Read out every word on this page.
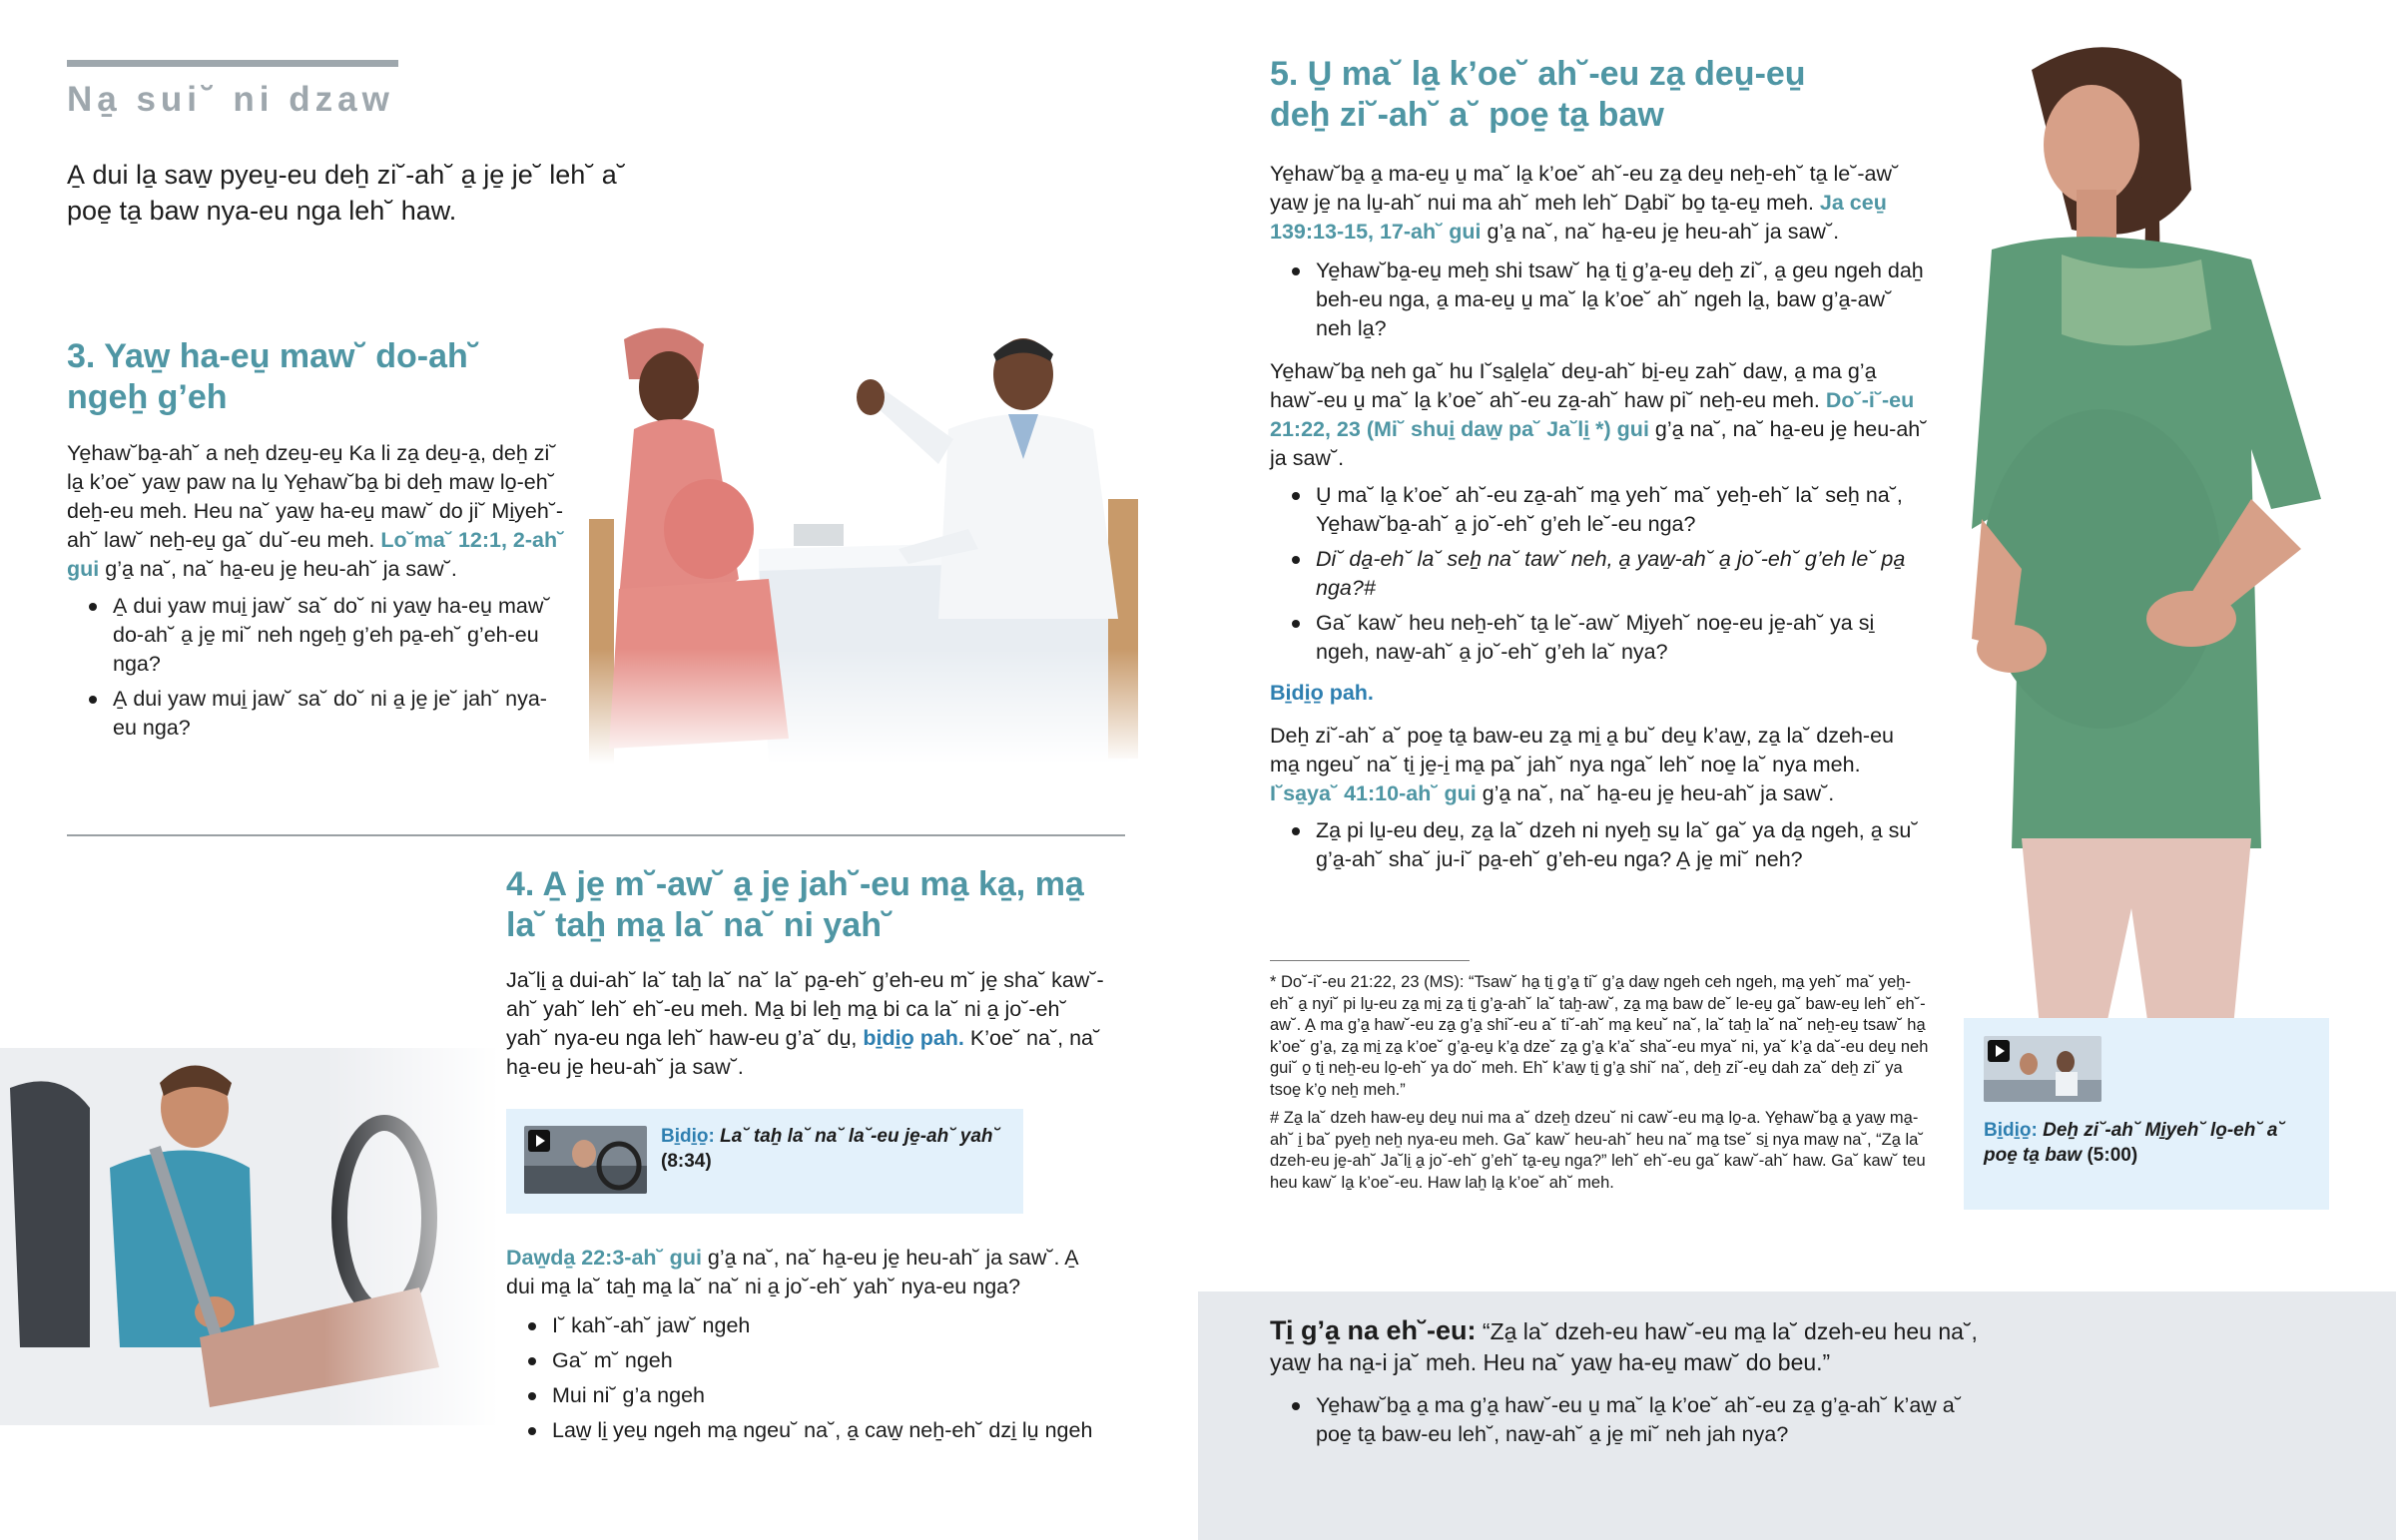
Na̱ sui˘ ni dzaw

A̱ dui la̱ saw̱ pyeu̱-eu deẖ zi˘-ah˘ a̱ je̱ je˘ leh˘ a˘ poe̱ ta̱ baw nya-eu nga leh˘ haw.

3. Yaw̱ ha-eu̱ maw˘ do-ah˘ ngeẖ g’eh

Ye̱haw˘ba̱-ah˘ a neẖ dzeu̱-eu̱ Ka li za̱ deu̱-a̱, deẖ zi˘ la̱ k’oe˘ yaw̱ paw na lu̱ Ye̱haw˘ba̱ bi deẖ maw̱ lo̱-eh˘ deẖ-eu meh. Heu na˘ yaw̱ ha-eu̱ maw˘ do ji˘ Mi̱yeh˘-ah˘ law˘ neẖ-eu̱ ga˘ du˘-eu meh. Lo˘ma˘ 12:1, 2-ah˘ gui g’a̱ na˘, na˘ ha̱-eu je̱ heu-ah˘ ja saw˘.

A̱ dui yaw mui̱ jaw˘ sa˘ do˘ ni yaw̱ ha-eu̱ maw˘ do-ah˘ a̱ je̱ mi˘ neh ngeẖ g’eh pa̱-eh˘ g’eh-eu nga?
A̱ dui yaw mui̱ jaw˘ sa˘ do˘ ni a̱ je̱ je˘ jah˘ nya-eu nga?
4. A̱ je̱ m˘-aw˘ a̱ je̱ jah˘-eu ma̱ ka̱, ma̱ la˘ taẖ ma̱ la˘ na˘ ni yah˘

Ja˘li̱ a̱ dui-ah˘ la˘ taẖ la˘ na˘ la˘ pa̱-eh˘ g’eh-eu m˘ je̱ sha˘ kaw˘-ah˘ yah˘ leh˘ eh˘-eu meh. Ma̱ bi leẖ ma̱ bi ca la˘ ni a̱ jo˘-eh˘ yah˘ nya-eu nga leh˘ haw-eu g’a˘ du̱, bi̱di̱o̱ pah. K’oe˘ na˘, na˘ ha̱-eu je̱ heu-ah˘ ja saw˘.

Bi̱di̱o̱: La˘ taẖ la˘ na˘ la˘-eu je̱-ah˘ yah˘
(8:34)

Daw̱da̱ 22:3-ah˘ gui g’a̱ na˘, na˘ ha̱-eu je̱ heu-ah˘ ja saw˘. A̱ dui ma̱ la˘ taẖ ma̱ la˘ na˘ ni a̱ jo˘-eh˘ yah˘ nya-eu nga?

I˘ kah˘-ah˘ jaw˘ ngeh
Ga˘ m˘ ngeh
Mui ni˘ g’a ngeh
Law̱ li̱ yeu̱ ngeh ma̱ ngeu˘ na˘, a̱ caw̱ neẖ-eh˘ dzi̱ lu̱ ngeh
5. U̱ ma˘ la̱ k’oe˘ ah˘-eu za̱ deu̱-eu̱ deẖ zi˘-ah˘ a˘ poe̱ ta̱ baw

Ye̱haw˘ba̱ a̱ ma-eu̱ u̱ ma˘ la̱ k’oe˘ ah˘-eu za̱ deu̱ neẖ-eh˘ ta̱ le˘-aw˘ yaw̱ je̱ na lu̱-ah˘ nui ma ah˘ meh leh˘ Da̱bi˘ bo̱ ta̱-eu̱ meh. Ja ceu̱ 139:13-15, 17-ah˘ gui g’a̱ na˘, na˘ ha̱-eu je̱ heu-ah˘ ja saw˘.

Ye̱haw˘ba̱-eu̱ meẖ shi tsaw˘ ha̱ ti̱ g’a̱-eu̱ deẖ zi˘, a̱ geu ngeh daẖ beh-eu nga, a̱ ma-eu̱ u̱ ma˘ la̱ k’oe˘ ah˘ ngeh la̱, baw g’a̱-aw˘ neh la̱?

Ye̱haw˘ba̱ neh ga˘ hu I˘sa̱le̱la˘ deu̱-ah˘ bi̱-eu̱ zah˘ daw̱, a̱ ma g’a̱ haw˘-eu u̱ ma˘ la̱ k’oe˘ ah˘-eu za̱-ah˘ haw pi˘ neẖ-eu meh. Do˘-i˘-eu 21:22, 23 (Mi˘ shui̱ daw̱ pa˘ Ja˘li̱ *) gui g’a̱ na˘, na˘ ha̱-eu je̱ heu-ah˘ ja saw˘.

U̱ ma˘ la̱ k’oe˘ ah˘-eu za̱-ah˘ ma̱ yeh˘ ma˘ yeẖ-eh˘ la˘ seẖ na˘, Ye̱haw˘ba̱-ah˘ a̱ jo˘-eh˘ g’eh le˘-eu nga?
Di˘ da̱-eh˘ la˘ seẖ na˘ taw˘ neh, a̱ yaw̱-ah˘ a̱ jo˘-eh˘ g’eh le˘ pa̱ nga?#
Ga˘ kaw˘ heu neẖ-eh˘ ta̱ le˘-aw˘ Mi̱yeh˘ noe̱-eu je̱-ah˘ ya si̱ ngeh, naw̱-ah˘ a̱ jo˘-eh˘ g’eh la˘ nya?

Bi̱di̱o̱ pah.

Deẖ zi˘-ah˘ a˘ poe̱ ta̱ baw-eu za̱ mi̱ a̱ bu˘ deu̱ k’aw̱, za̱ la˘ dzeh-eu ma̱ ngeu˘ na˘ ti̱ je̱-i̱ ma̱ pa˘ jah˘ nya nga˘ leh˘ noe̱ la˘ nya meh. I˘sa̱ya˘ 41:10-ah˘ gui g’a̱ na˘, na˘ ha̱-eu je̱ heu-ah˘ ja saw˘.

Za̱ pi lu̱-eu deu̱, za̱ la˘ dzeh ni nyeẖ su̱ la˘ ga˘ ya da̱ ngeh, a̱ su˘ g’a̱-ah˘ sha˘ ju-i˘ pa̱-eh˘ g’eh-eu nga? A̱ je̱ mi˘ neh?

* Do˘-i˘-eu 21:22, 23 (MS): “Tsaw˘ ha̱ ti̱ g’a̱ ti˘ g’a̱ daw̱ ngeh ceh ngeh, ma̱ yeh˘ ma˘ yeẖ-eh˘ a̱ nyi˘ pi lu̱-eu za̱ mi̱ za̱ ti̱ g’a̱-ah˘ la˘ taẖ-aw˘, za̱ ma̱ baw de˘ le-eu̱ ga˘ baw-eu̱ leh˘ eh˘-aw˘. A̱ ma g’a̱ haw˘-eu za̱ g’a̱ shi˘-eu a˘ ti˘-ah˘ ma̱ keu˘ na˘, la˘ taẖ la˘ na˘ neẖ-eu̱ tsaw˘ ha̱ k’oe˘ g’a̱, za̱ mi̱ za̱ k’oe˘ g’a̱-eu̱ k’a̱ dze˘ za̱ g’a̱ k’a˘ sha˘-eu mya˘ ni, ya˘ k’a̱ da˘-eu deu̱ neh gui˘ o̱ ti̱ neẖ-eu lo̱-eh˘ ya do˘ meh. Eh˘ k’aw̱ ti̱ g’a̱ shi˘ na˘, deẖ zi˘-eu̱ dah za˘ deẖ zi˘ ya tsoe̱ k’o̱ neẖ meh.”

# Za̱ la˘ dzeh haw-eu̱ deu̱ nui ma a˘ dzeẖ dzeu˘ ni caw˘-eu ma̱ lo̱-a. Ye̱haw˘ba̱ a̱ yaw̱ ma̱-ah˘ i̱ ba˘ pyeẖ neẖ nya-eu meh. Ga˘ kaw˘ heu-ah˘ heu na˘ ma̱ tse˘ si̱ nya maw̱ na˘, “Za̱ la˘ dzeh-eu je̱-ah˘ Ja˘li̱ a̱ jo˘-eh˘ g’eh˘ ta̱-eu̱ nga?” leh˘ eh˘-eu ga˘ kaw˘-ah˘ haw. Ga˘ kaw˘ teu heu kaw˘ la̱ k’oe˘-eu. Haw laẖ la̱ k’oe˘ ah˘ meh.

Bi̱di̱o̱: Deẖ zi˘-ah˘ Mi̱yeh˘ lo̱-eh˘ a˘ poe̱ ta̱ baw (5:00)
Ti̱ g’a̱ na eh˘-eu: “Za̱ la˘ dzeh-eu haw˘-eu ma̱ la˘ dzeh-eu heu na˘, yaw̱ ha na̱-i ja˘ meh. Heu na˘ yaw̱ ha-eu̱ maw˘ do beu.”
Ye̱haw˘ba̱ a̱ ma g’a̱ haw˘-eu u̱ ma˘ la̱ k’oe˘ ah˘-eu za̱ g’a̱-ah˘ k’aw̱ a˘ poe̱ ta̱ baw-eu leh˘, naw̱-ah˘ a̱ je̱ mi˘ neh jah nya?
